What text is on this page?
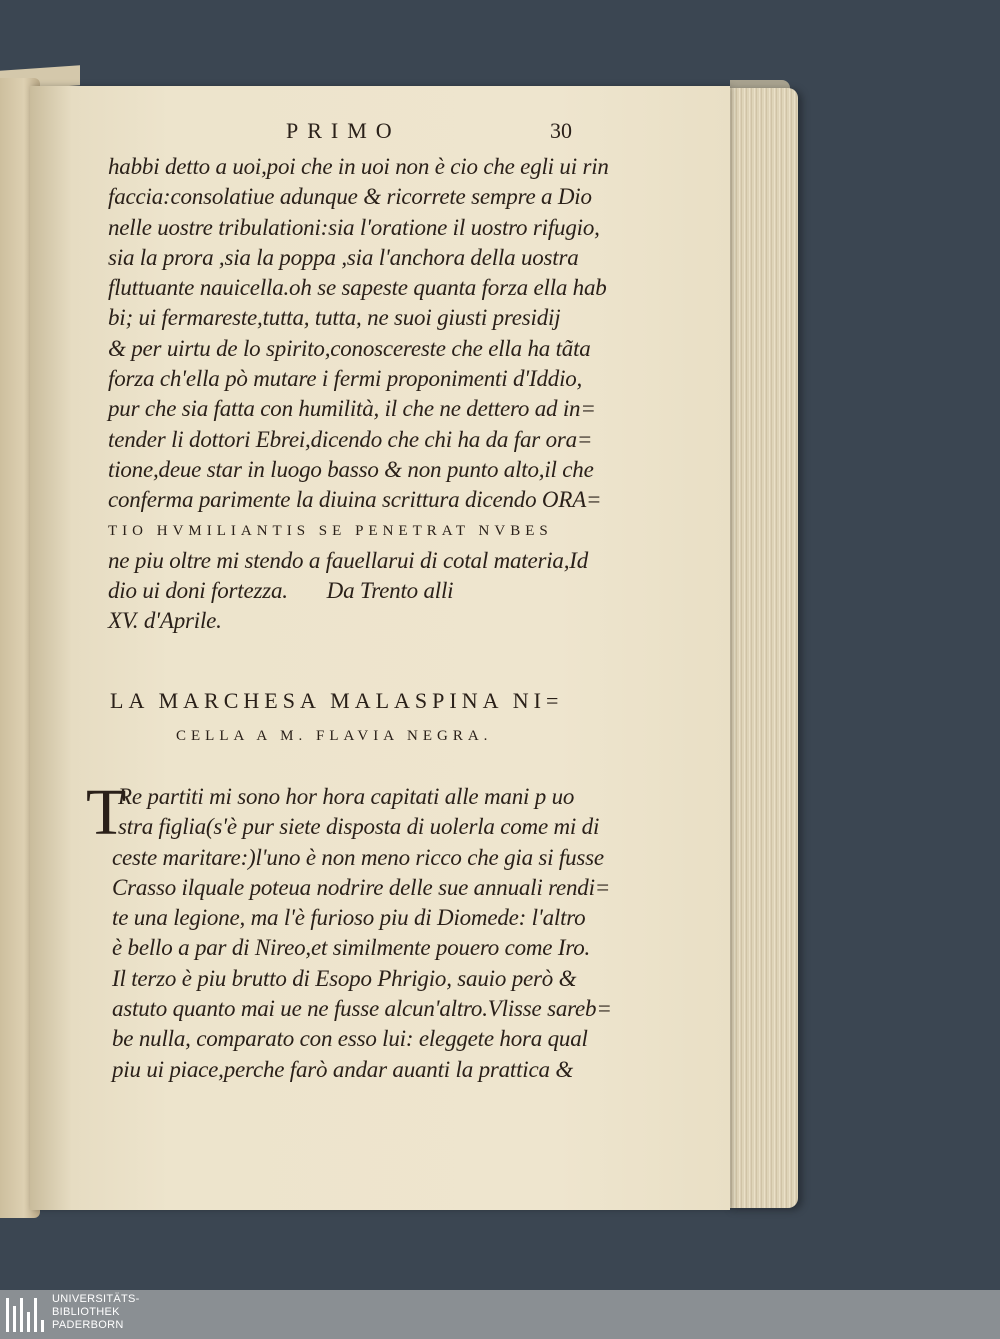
PRIMO	30
habbi detto a uoi,poi che in uoi non è cio che egli ui rin
faccia:consolatiue adunque & ricorrete sempre a Dio
nelle uostre tribulationi:sia l'oratione il uostro rifugio,
sia la prora ,sia la poppa ,sia l'anchora della uostra
fluttuante nauicella.oh se sapeste quanta forza ella hab
bi; ui fermareste,tutta, tutta, ne suoi giusti presidij
& per uirtu de lo spirito,conoscereste che ella ha tãta
forza ch'ella pò mutare i fermi proponimenti d'Iddio,
pur che sia fatta con humilità, il che ne dettero ad in=
tender li dottori Ebrei,dicendo che chi ha da far ora=
tione,deue star in luogo basso & non punto alto,il che
conferma parimente la diuina scrittura dicendo ORA=
TIO HVMILIANTIS SE PENETRAT NVBES
ne piu oltre mi stendo a fauellarui di cotal materia,Id
dio ui doni fortezza.       Da Trento alli
XV. d'Aprile.
LA MARCHESA MALASPINA NI=
CELLA A M. FLAVIA NEGRA.
T
Re partiti mi sono hor hora capitati alle mani p uo
stra figlia(s'è pur siete disposta di uolerla come mi di
ceste maritare:)l'uno è non meno ricco che gia si fusse
Crasso ilquale poteua nodrire delle sue annuali rendi=
te una legione, ma l'è furioso piu di Diomede: l'altro
è bello a par di Nireo,et similmente pouero come Iro.
Il terzo è piu brutto di Esopo Phrigio, sauio però &
astuto quanto mai ue ne fusse alcun'altro.Vlisse sareb=
be nulla, comparato con esso lui: eleggete hora qual
piu ui piace,perche farò andar auanti la prattica &
UNIVERSITÄTS-
BIBLIOTHEK
PADERBORN
